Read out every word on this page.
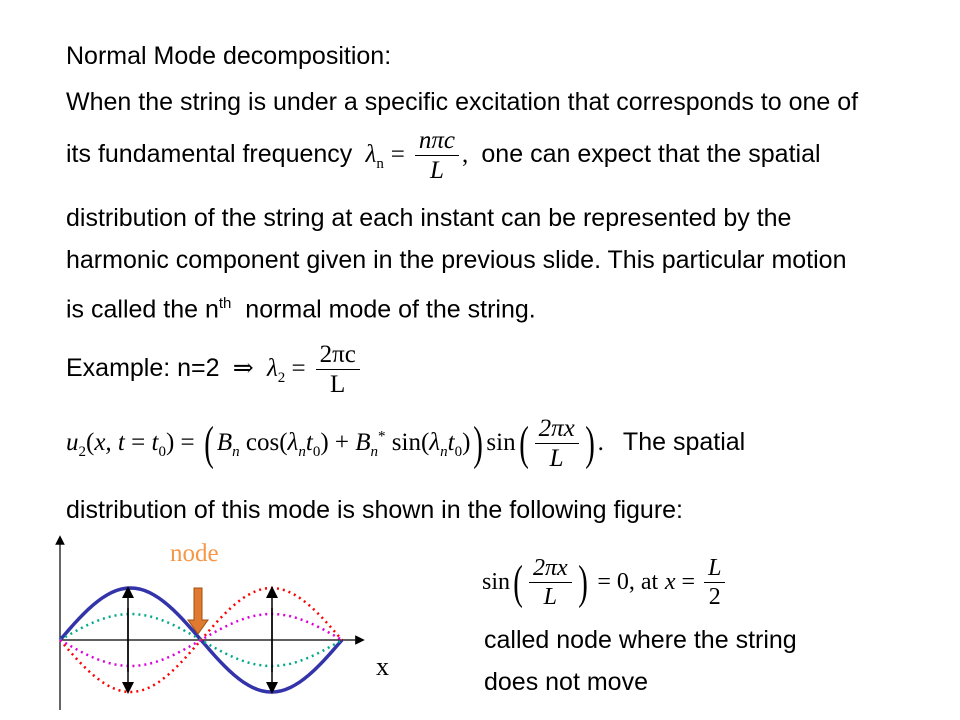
Normal Mode decomposition:
When the string is under a specific excitation that corresponds to one of
its fundamental frequency $\lambda_n = \frac{\text{nπc}}{L}$ ,  one can expect that the spatial
distribution of the string at each instant can be represented by the
harmonic component given in the previous slide. This particular motion
is called the $n^{th}$ normal mode of the string.
Example: n=2  ⇒  $\lambda_2 = \frac{2\pi c}{L}$
$u_2(x$, $t = t_0$) = ( $B_n$ $\cos(\lambda_nt_0) + B_n^*$ $\sin(\lambda_nt_0)$) $\sin( \frac{2\pi x}{L}$ ) .   The spatial
distribution of this mode is shown in the following figure:
node
x
$\sin( \frac{2\pi x}{L}$ ) = 0, at $x = \frac{L}{2}$
called node where the string
does not move
